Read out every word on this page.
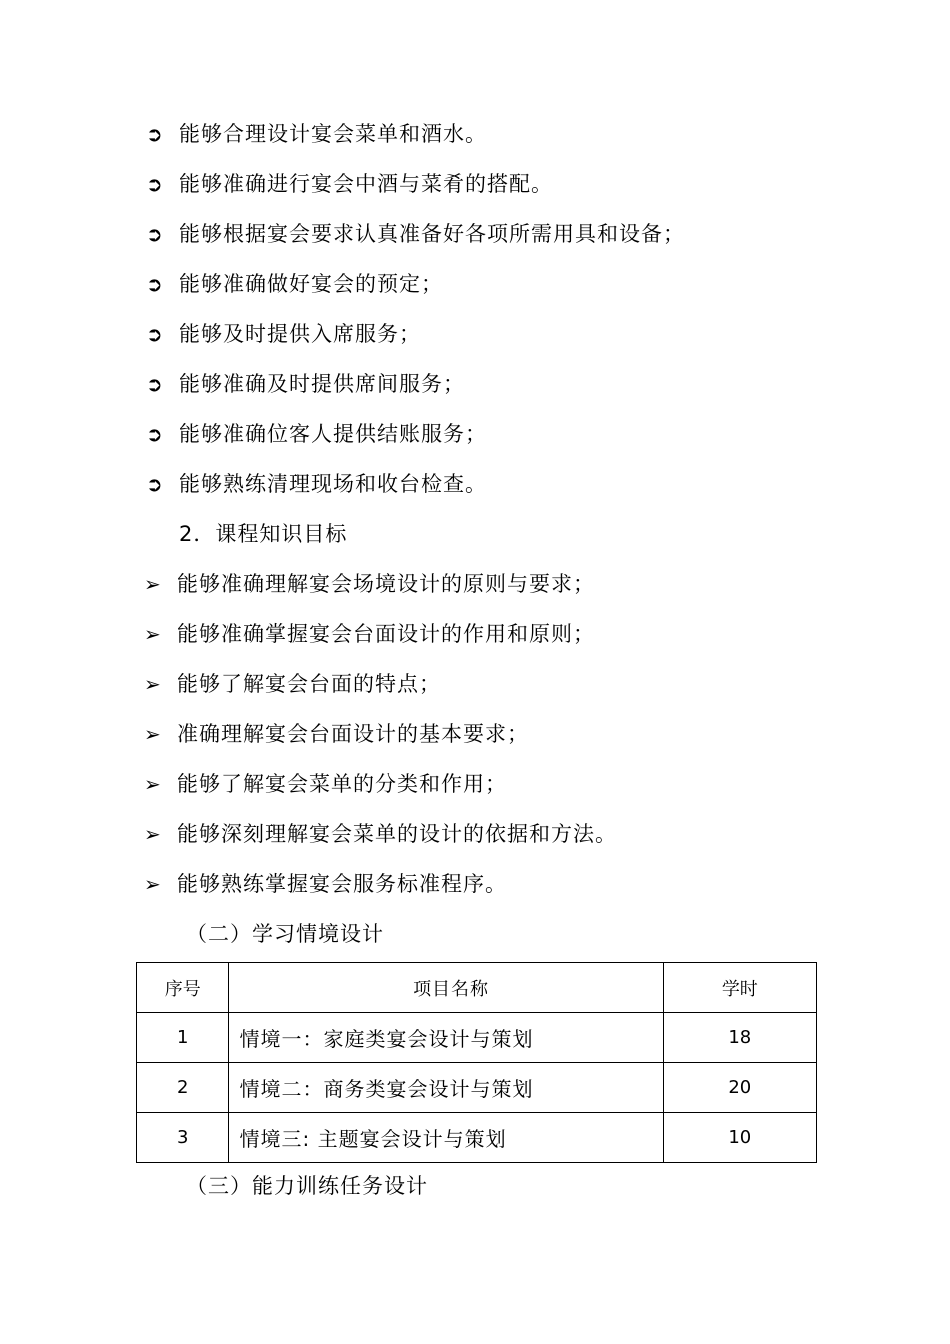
➲ 能够合理设计宴会菜单和酒水。
➲ 能够准确进行宴会中酒与菜肴的搭配。
➲ 能够根据宴会要求认真准备好各项所需用具和设备；
➲ 能够准确做好宴会的预定；
➲ 能够及时提供入席服务；
➲ 能够准确及时提供席间服务；
➲ 能够准确位客人提供结账服务；
➲ 能够熟练清理现场和收台检查。
2．课程知识目标
➢ 能够准确理解宴会场境设计的原则与要求；
➢ 能够准确掌握宴会台面设计的作用和原则；
➢ 能够了解宴会台面的特点；
➢ 准确理解宴会台面设计的基本要求；
➢ 能够了解宴会菜单的分类和作用；
➢ 能够深刻理解宴会菜单的设计的依据和方法。
➢ 能够熟练掌握宴会服务标准程序。
（二）学习情境设计
序号	项目名称	学时
1	情境一：家庭类宴会设计与策划	18
2	情境二：商务类宴会设计与策划	20
3	情境三: 主题宴会设计与策划	10
（三）能力训练任务设计
